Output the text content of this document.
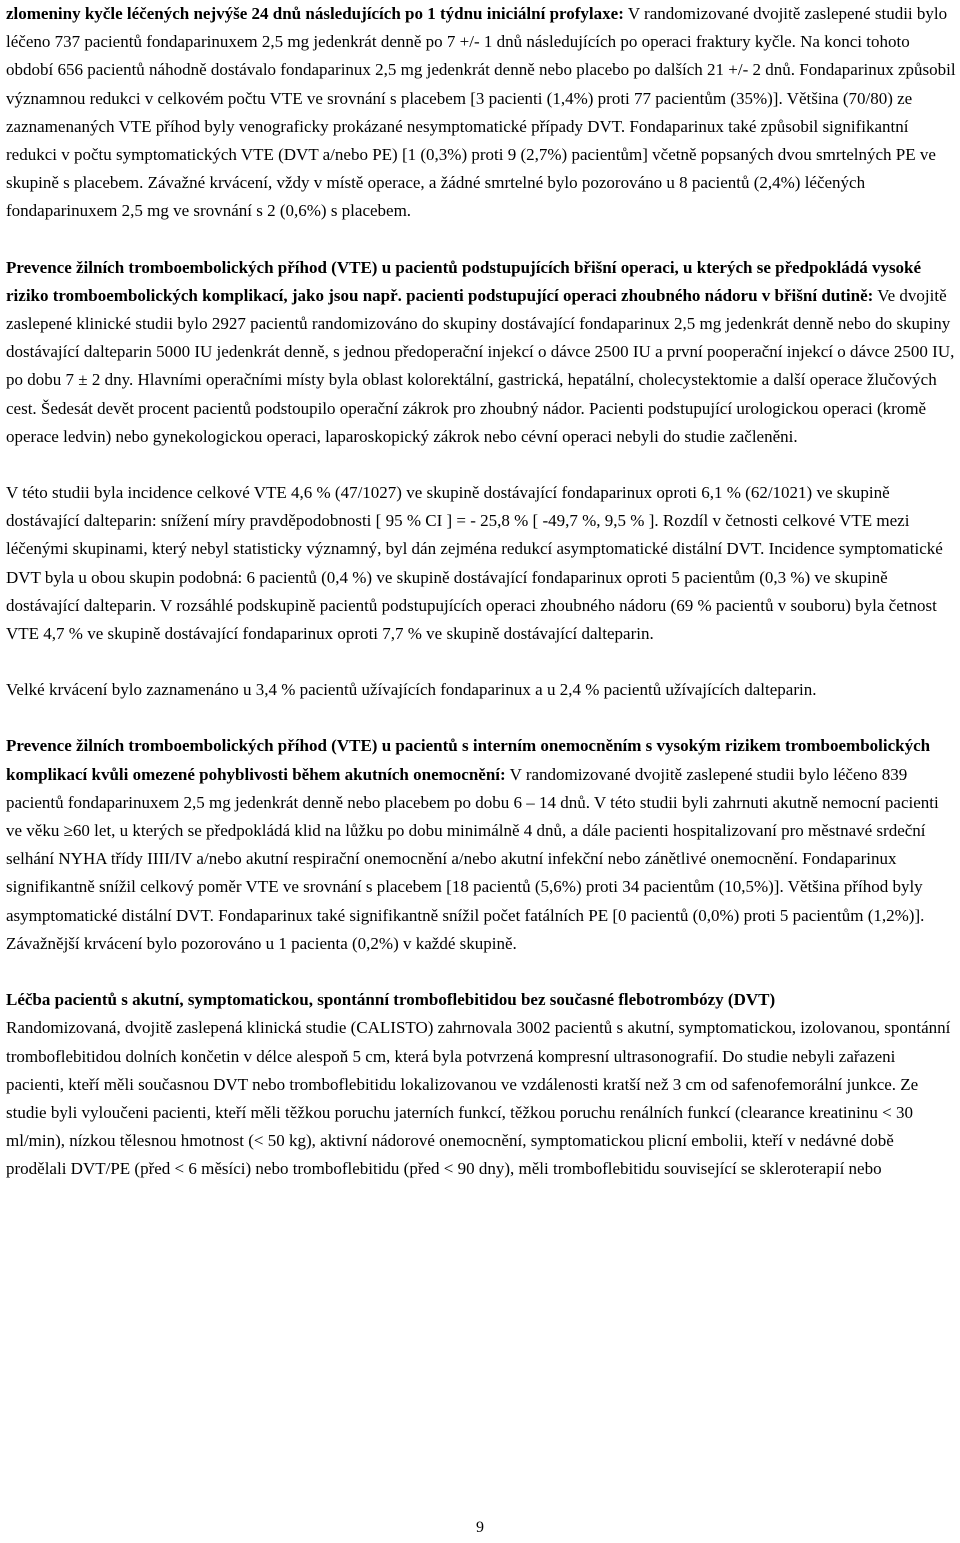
zlomeniny kyčle léčených nejvýše 24 dnů následujících po 1 týdnu iniciální profylaxe: V randomizované dvojitě zaslepené studii bylo léčeno 737 pacientů fondaparinuxem 2,5 mg jedenkrát denně po 7 +/- 1 dnů následujících po operaci fraktury kyčle. Na konci tohoto období 656 pacientů náhodně dostávalo fondaparinux 2,5 mg jedenkrát denně nebo placebo po dalších 21 +/- 2 dnů. Fondaparinux způsobil významnou redukci v celkovém počtu VTE ve srovnání s placebem [3 pacienti (1,4%) proti 77 pacientům (35%)]. Většina (70/80) ze zaznamenaných VTE příhod byly venograficky prokázané nesymptomatické případy DVT. Fondaparinux také způsobil signifikantní redukci v počtu symptomatických VTE (DVT a/nebo PE) [1 (0,3%) proti 9 (2,7%) pacientům] včetně popsaných dvou smrtelných PE ve skupině s placebem. Závažné krvácení, vždy v místě operace, a žádné smrtelné bylo pozorováno u 8 pacientů (2,4%) léčených fondaparinuxem 2,5 mg ve srovnání s 2 (0,6%) s placebem.

Prevence žilních tromboembolických příhod (VTE) u pacientů podstupujících břišní operaci, u kterých se předpokládá vysoké riziko tromboembolických komplikací, jako jsou např. pacienti podstupující operaci zhoubného nádoru v břišní dutině: Ve dvojitě zaslepené klinické studii bylo 2927 pacientů randomizováno do skupiny dostávající fondaparinux 2,5 mg jedenkrát denně nebo do skupiny dostávající dalteparin 5000 IU jedenkrát denně, s jednou předoperační injekcí o dávce 2500 IU a první pooperační injekcí o dávce 2500 IU, po dobu 7 ± 2 dny. Hlavními operačními místy byla oblast kolorektální, gastrická, hepatální, cholecystektomie a další operace žlučových cest. Šedesát devět procent pacientů podstoupilo operační zákrok pro zhoubný nádor. Pacienti podstupující urologickou operaci (kromě operace ledvin) nebo gynekologickou operaci, laparoskopický zákrok nebo cévní operaci nebyli do studie začleněni.

V této studii byla incidence celkové VTE 4,6 % (47/1027) ve skupině dostávající fondaparinux oproti 6,1 % (62/1021) ve skupině dostávající dalteparin: snížení míry pravděpodobnosti [ 95 % CI ] = - 25,8 % [ -49,7 %, 9,5 % ]. Rozdíl v četnosti celkové VTE mezi léčenými skupinami, který nebyl statisticky významný, byl dán zejména redukcí asymptomatické distální DVT. Incidence symptomatické DVT byla u obou skupin podobná: 6 pacientů (0,4 %) ve skupině dostávající fondaparinux oproti 5 pacientům (0,3 %) ve skupině dostávající dalteparin. V rozsáhlé podskupině pacientů podstupujících operaci zhoubného nádoru (69 % pacientů v souboru) byla četnost VTE 4,7 % ve skupině dostávající fondaparinux oproti 7,7 % ve skupině dostávající dalteparin.

Velké krvácení bylo zaznamenáno u 3,4 % pacientů užívajících fondaparinux a u 2,4 % pacientů užívajících dalteparin.

Prevence žilních tromboembolických příhod (VTE) u pacientů s interním onemocněním s vysokým rizikem tromboembolických komplikací kvůli omezené pohyblivosti během akutních onemocnění: V randomizované dvojitě zaslepené studii bylo léčeno 839 pacientů fondaparinuxem 2,5 mg jedenkrát denně nebo placebem po dobu 6 – 14 dnů. V této studii byli zahrnuti akutně nemocní pacienti ve věku ≥60 let, u kterých se předpokládá klid na lůžku po dobu minimálně 4 dnů, a dále pacienti hospitalizovaní pro městnavé srdeční selhání NYHA třídy IIII/IV a/nebo akutní respirační onemocnění a/nebo akutní infekční nebo zánětlivé onemocnění. Fondaparinux signifikantně snížil celkový poměr VTE ve srovnání s placebem [18 pacientů (5,6%) proti 34 pacientům (10,5%)]. Většina příhod byly asymptomatické distální DVT. Fondaparinux také signifikantně snížil počet fatálních PE [0 pacientů (0,0%) proti 5 pacientům (1,2%)]. Závažnější krvácení bylo pozorováno u 1 pacienta (0,2%) v každé skupině.

Léčba pacientů s akutní, symptomatickou, spontánní tromboflebitidou bez současné flebotrombózy (DVT)
Randomizovaná, dvojitě zaslepená klinická studie (CALISTO) zahrnovala 3002 pacientů s akutní, symptomatickou, izolovanou, spontánní tromboflebitidou dolních končetin v délce alespoň 5 cm, která byla potvrzená kompresní ultrasonografií. Do studie nebyli zařazeni pacienti, kteří měli současnou DVT nebo tromboflebitidu lokalizovanou ve vzdálenosti kratší než 3 cm od safenofemorální junkce. Ze studie byli vyloučeni pacienti, kteří měli těžkou poruchu jaterních funkcí, těžkou poruchu renálních funkcí (clearance kreatininu < 30 ml/min), nízkou tělesnou hmotnost (< 50 kg), aktivní nádorové onemocnění, symptomatickou plicní embolii, kteří v nedávné době prodělali DVT/PE (před < 6 měsíci) nebo tromboflebitidu (před < 90 dny), měli tromboflebitidu související se skleroterapií nebo
9
